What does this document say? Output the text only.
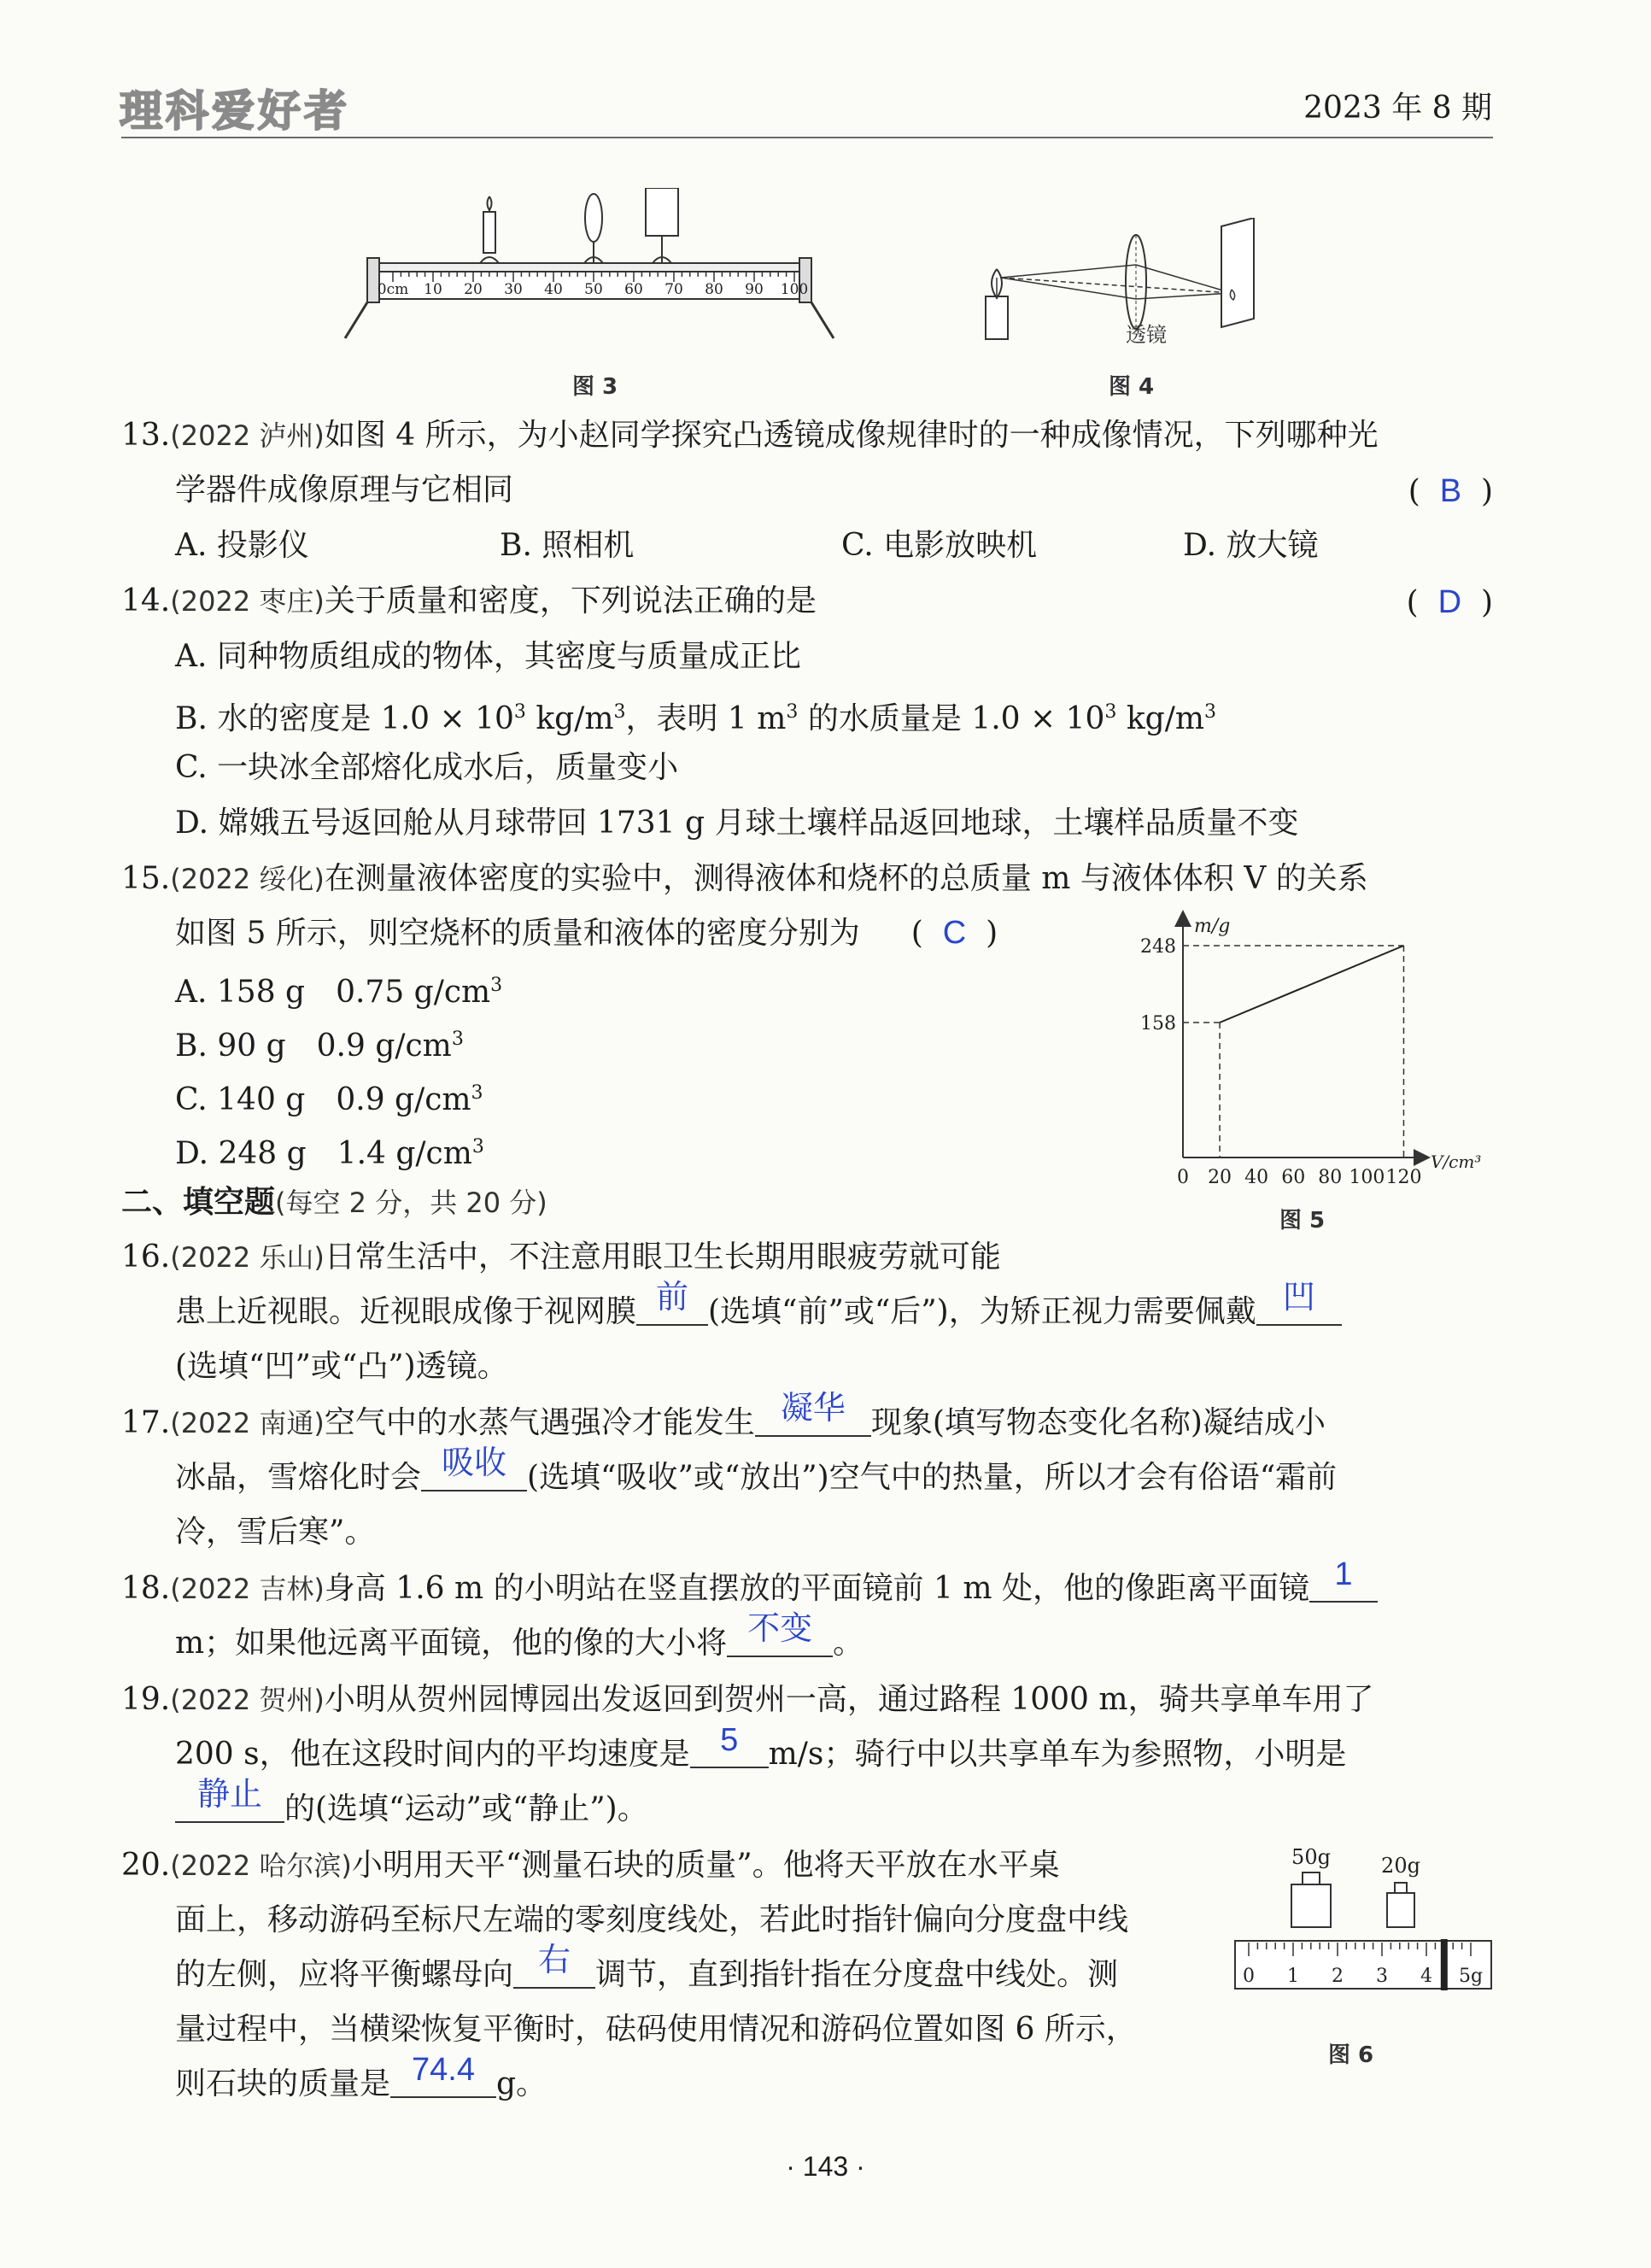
理科爱好者	2023 年 8 期
0cm 10 20 30 40 50 60 70 80 90 100
图 3
透镜
图 4
13.(2022 泸州)如图 4 所示，为小赵同学探究凸透镜成像规律时的一种成像情况，下列哪种光
学器件成像原理与它相同	(  B  )
A. 投影仪	B. 照相机	C. 电影放映机	D. 放大镜
14.(2022 枣庄)关于质量和密度，下列说法正确的是	(  D  )
A. 同种物质组成的物体，其密度与质量成正比
B. 水的密度是 $1.0 \times 10^3$ $kg/m^3$，表明 1 $m^3$ 的水质量是 $1.0 \times 10^3$ $kg/m^3$
C. 一块冰全部熔化成水后，质量变小
D. 嫦娥五号返回舱从月球带回 1731 g 月球土壤样品返回地球，土壤样品质量不变
15.(2022 绥化)在测量液体密度的实验中，测得液体和烧杯的总质量 m 与液体体积 V 的关系
如图 5 所示，则空烧杯的质量和液体的密度分别为 (  C  )
A. 158 g　0.75 $g/cm^3$
B. 90 g　0.9 $g/cm^3$
C. 140 g　0.9 $g/cm^3$
D. 248 g　1.4 $g/cm^3$
158
248
0 20 40 60 80 100 120
m/g
V/cm³
图 5
二、填空题(每空 2 分，共 20 分)
16.(2022 乐山)日常生活中，不注意用眼卫生长期用眼疲劳就可能
患上近视眼。近视眼成像于视网膜 前 (选填“前”或“后”)，为矫正视力需要佩戴 凹
(选填“凹”或“凸”)透镜。
17.(2022 南通)空气中的水蒸气遇强冷才能发生 凝华 现象(填写物态变化名称)凝结成小
冰晶，雪熔化时会 吸收 (选填“吸收”或“放出”)空气中的热量，所以才会有俗语“霜前
冷，雪后寒”。
18.(2022 吉林)身高 1.6 m 的小明站在竖直摆放的平面镜前 1 m 处，他的像距离平面镜 1
m；如果他远离平面镜，他的像的大小将 不变 。
19.(2022 贺州)小明从贺州园博园出发返回到贺州一高，通过路程 1000 m，骑共享单车用了
200 s，他在这段时间内的平均速度是 5 m/s；骑行中以共享单车为参照物，小明是
静止 的(选填“运动”或“静止”)。
20.(2022 哈尔滨)小明用天平“测量石块的质量”。他将天平放在水平桌
面上，移动游码至标尺左端的零刻度线处，若此时指针偏向分度盘中线
的左侧，应将平衡螺母向 右 调节，直到指针指在分度盘中线处。测
量过程中，当横梁恢复平衡时，砝码使用情况和游码位置如图 6 所示，
则石块的质量是 74.4 g。
50g 20g
0 1 2 3 4 5g
图 6
· 143 ·
